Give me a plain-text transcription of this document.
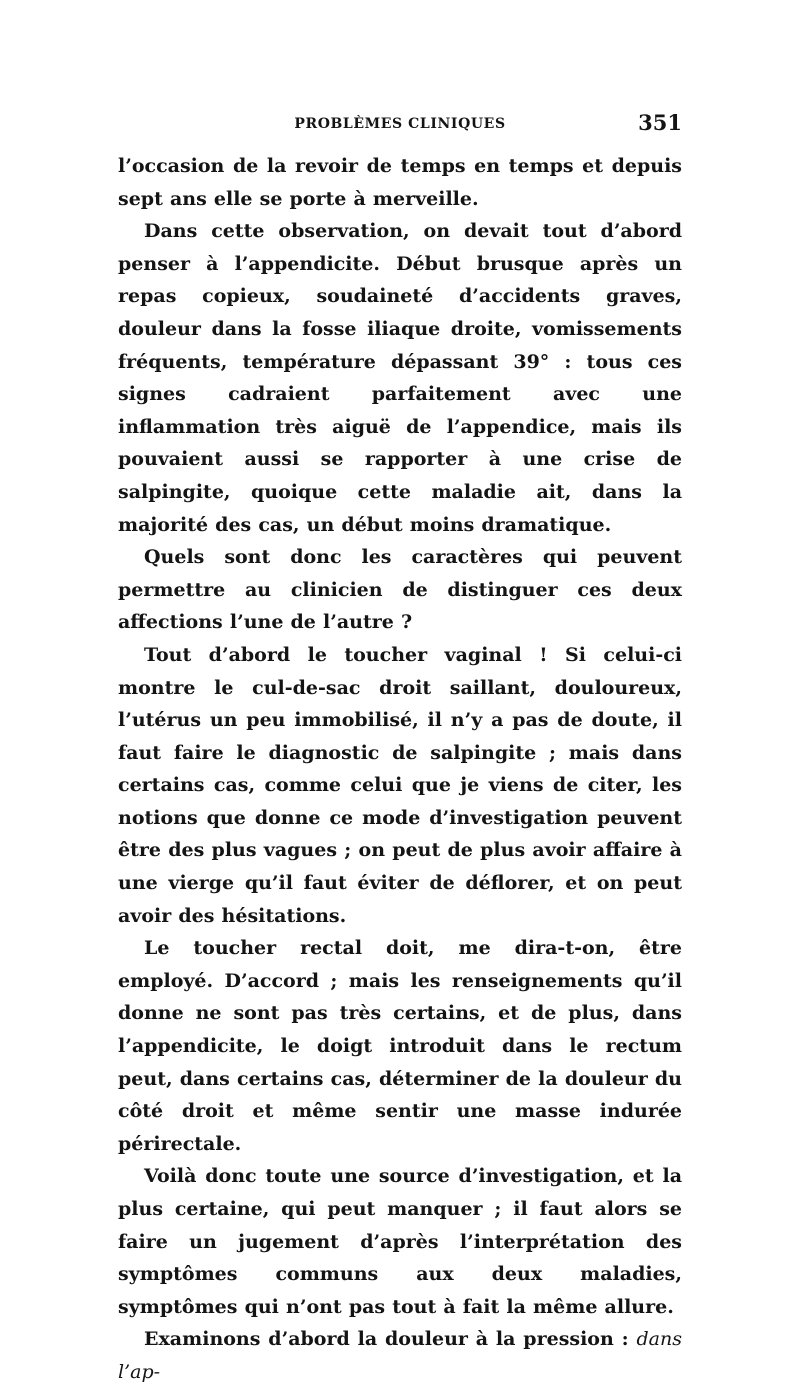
PROBLÈMES CLINIQUES	351

l’occasion de la revoir de temps en temps et depuis sept ans elle se porte à merveille.

Dans cette observation, on devait tout d’abord penser à l’appendicite. Début brusque après un repas copieux, soudaineté d’accidents graves, douleur dans la fosse iliaque droite, vomissements fréquents, température dépassant 39° : tous ces signes cadraient parfaitement avec une inflammation très aiguë de l’appendice, mais ils pouvaient aussi se rapporter à une crise de salpingite, quoique cette maladie ait, dans la majorité des cas, un début moins dramatique.

Quels sont donc les caractères qui peuvent permettre au clinicien de distinguer ces deux affections l’une de l’autre ?

Tout d’abord le toucher vaginal ! Si celui-ci montre le cul-de-sac droit saillant, douloureux, l’utérus un peu immobilisé, il n’y a pas de doute, il faut faire le diagnostic de salpingite ; mais dans certains cas, comme celui que je viens de citer, les notions que donne ce mode d’investigation peuvent être des plus vagues ; on peut de plus avoir affaire à une vierge qu’il faut éviter de déflorer, et on peut avoir des hésitations.

Le toucher rectal doit, me dira-t-on, être employé. D’accord ; mais les renseignements qu’il donne ne sont pas très certains, et de plus, dans l’appendicite, le doigt introduit dans le rectum peut, dans certains cas, déterminer de la douleur du côté droit et même sentir une masse indurée périrectale.

Voilà donc toute une source d’investigation, et la plus certaine, qui peut manquer ; il faut alors se faire un jugement d’après l’interprétation des symptômes communs aux deux maladies, symptômes qui n’ont pas tout à fait la même allure.

Examinons d’abord la douleur à la pression : dans l’ap-
